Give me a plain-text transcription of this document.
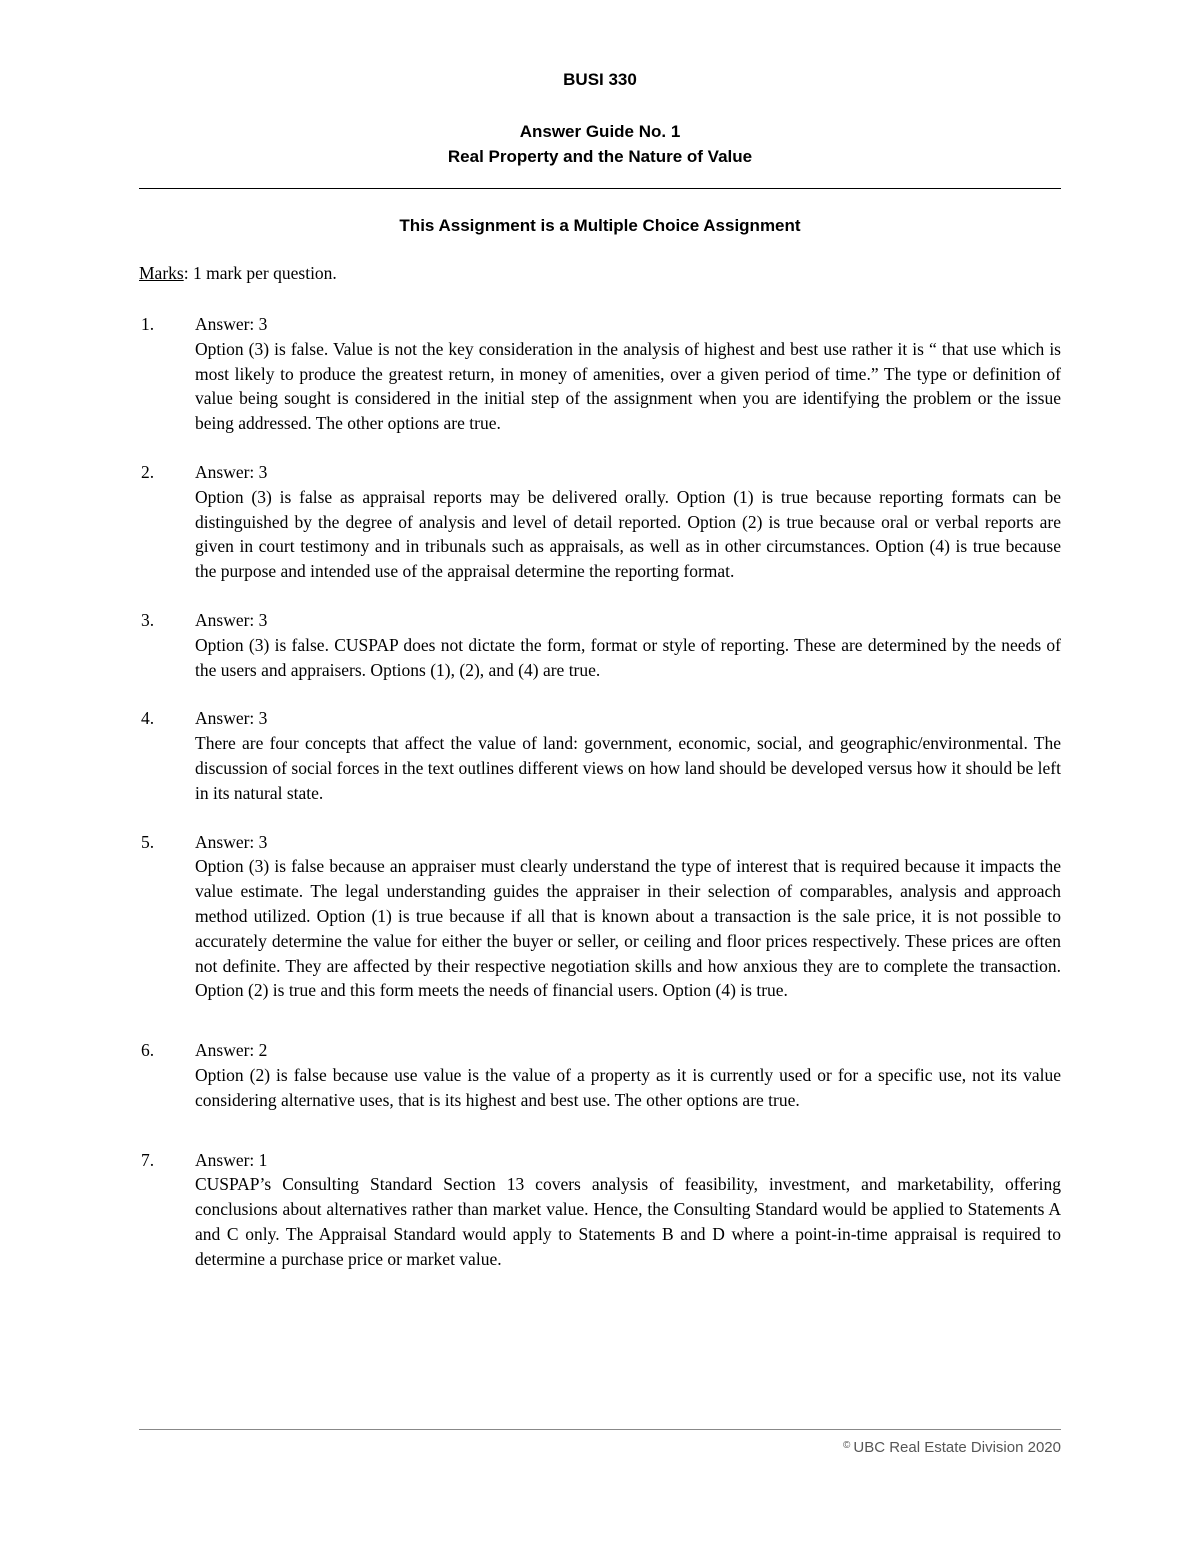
BUSI 330
Answer Guide No. 1
Real Property and the Nature of Value
This Assignment is a Multiple Choice Assignment
Marks: 1 mark per question.
1. Answer: 3
Option (3) is false. Value is not the key consideration in the analysis of highest and best use rather it is “ that use which is most likely to produce the greatest return, in money of amenities, over a given period of time.” The type or definition of value being sought is considered in the initial step of the assignment when you are identifying the problem or the issue being addressed. The other options are true.
2. Answer: 3
Option (3) is false as appraisal reports may be delivered orally. Option (1) is true because reporting formats can be distinguished by the degree of analysis and level of detail reported. Option (2) is true because oral or verbal reports are given in court testimony and in tribunals such as appraisals, as well as in other circumstances. Option (4) is true because the purpose and intended use of the appraisal determine the reporting format.
3. Answer: 3
Option (3) is false. CUSPAP does not dictate the form, format or style of reporting. These are determined by the needs of the users and appraisers. Options (1), (2), and (4) are true.
4. Answer: 3
There are four concepts that affect the value of land: government, economic, social, and geographic/environmental. The discussion of social forces in the text outlines different views on how land should be developed versus how it should be left in its natural state.
5. Answer: 3
Option (3) is false because an appraiser must clearly understand the type of interest that is required because it impacts the value estimate. The legal understanding guides the appraiser in their selection of comparables, analysis and approach method utilized. Option (1) is true because if all that is known about a transaction is the sale price, it is not possible to accurately determine the value for either the buyer or seller, or ceiling and floor prices respectively. These prices are often not definite. They are affected by their respective negotiation skills and how anxious they are to complete the transaction. Option (2) is true and this form meets the needs of financial users. Option (4) is true.
6. Answer: 2
Option (2) is false because use value is the value of a property as it is currently used or for a specific use, not its value considering alternative uses, that is its highest and best use. The other options are true.
7. Answer: 1
CUSPAP’s Consulting Standard Section 13 covers analysis of feasibility, investment, and marketability, offering conclusions about alternatives rather than market value. Hence, the Consulting Standard would be applied to Statements A and C only. The Appraisal Standard would apply to Statements B and D where a point-in-time appraisal is required to determine a purchase price or market value.
© UBC Real Estate Division 2020
